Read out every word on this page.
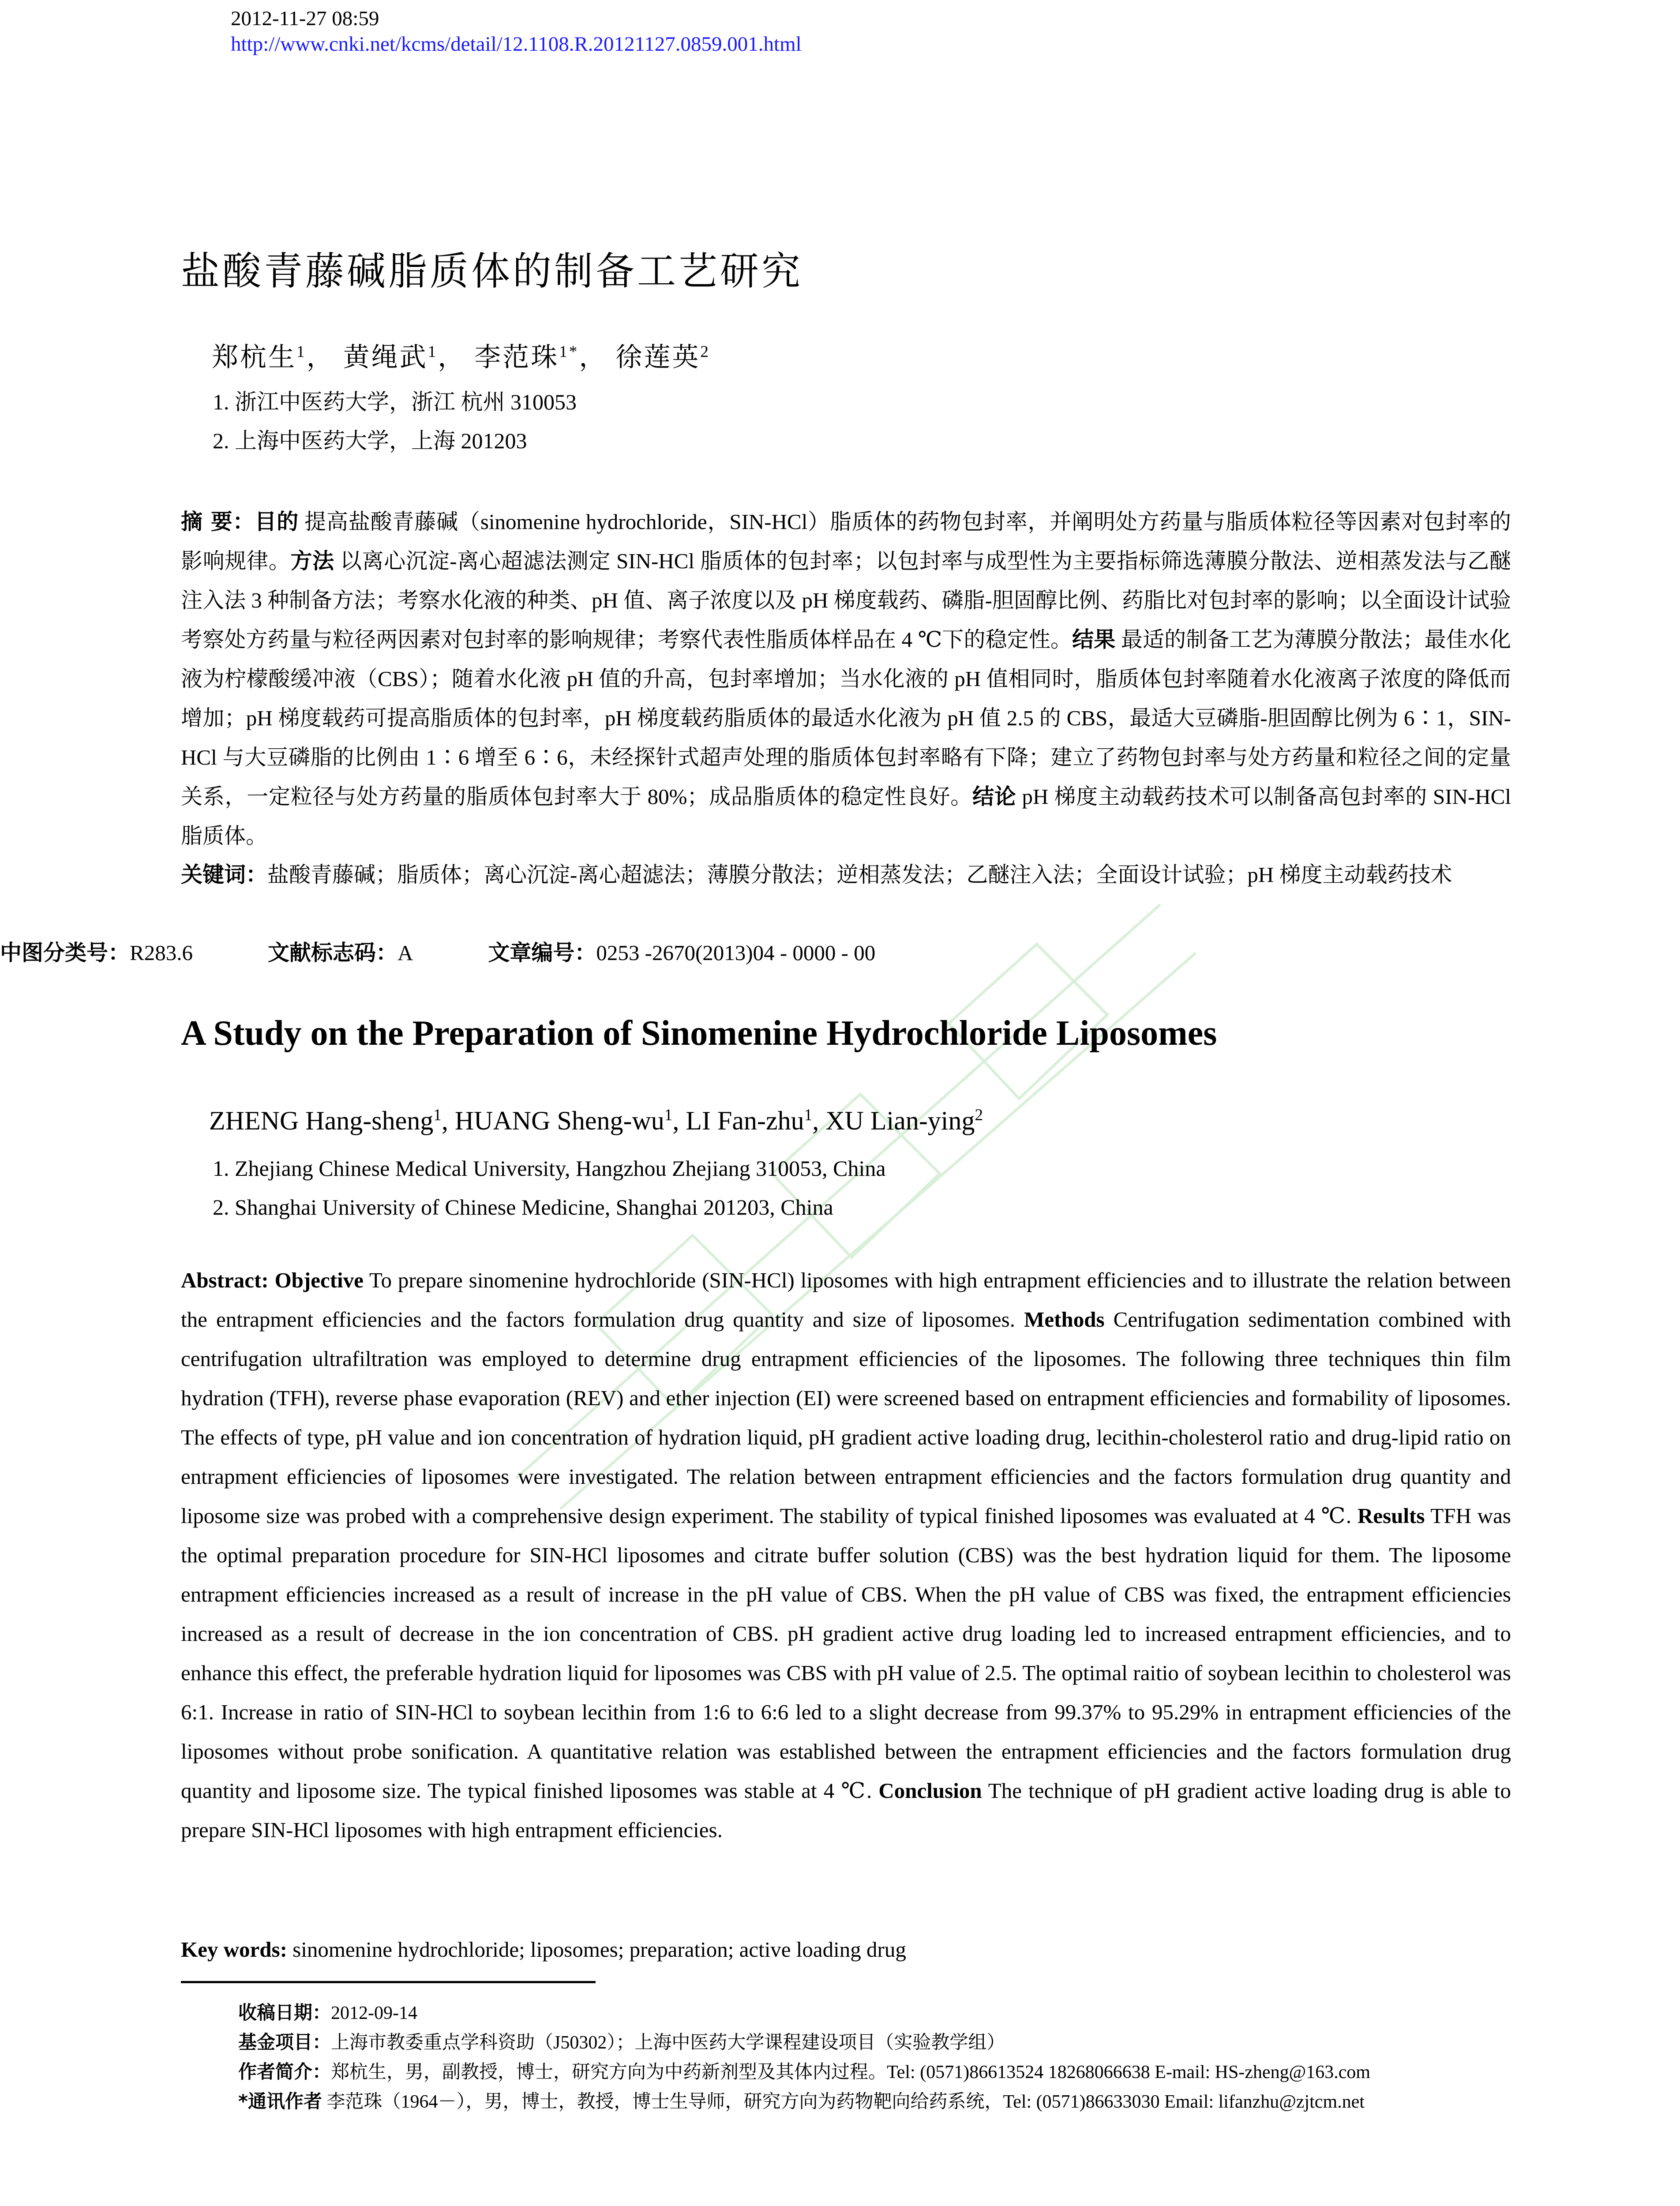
2012-11-27 08:59
http://www.cnki.net/kcms/detail/12.1108.R.20121127.0859.001.html
盐酸青藤碱脂质体的制备工艺研究
郑杭生$^1$， 黄绳武$^1$， 李范珠$^{1*}$， 徐莲英$^2$
1. 浙江中医药大学，浙江 杭州 310053
2. 上海中医药大学，上海 201203
摘 要：目的 提高盐酸青藤碱（sinomenine hydrochloride，SIN-HCl）脂质体的药物包封率，并阐明处方药量与脂质体粒径等因素对包封率的影响规律。方法 以离心沉淀-离心超滤法测定 SIN-HCl 脂质体的包封率；以包封率与成型性为主要指标筛选薄膜分散法、逆相蒸发法与乙醚注入法 3 种制备方法；考察水化液的种类、pH 值、离子浓度以及 pH 梯度载药、磷脂-胆固醇比例、药脂比对包封率的影响；以全面设计试验考察处方药量与粒径两因素对包封率的影响规律；考察代表性脂质体样品在 4 ℃下的稳定性。结果 最适的制备工艺为薄膜分散法；最佳水化液为柠檬酸缓冲液（CBS）；随着水化液 pH 值的升高，包封率增加；当水化液的 pH 值相同时，脂质体包封率随着水化液离子浓度的降低而增加；pH 梯度载药可提高脂质体的包封率，pH 梯度载药脂质体的最适水化液为 pH 值 2.5 的 CBS，最适大豆磷脂-胆固醇比例为 6∶1，SIN-HCl 与大豆磷脂的比例由 1∶6 增至 6∶6，未经探针式超声处理的脂质体包封率略有下降；建立了药物包封率与处方药量和粒径之间的定量关系，一定粒径与处方药量的脂质体包封率大于 80%；成品脂质体的稳定性良好。结论 pH 梯度主动载药技术可以制备高包封率的 SIN-HCl 脂质体。
关键词：盐酸青藤碱；脂质体；离心沉淀-离心超滤法；薄膜分散法；逆相蒸发法；乙醚注入法；全面设计试验；pH 梯度主动载药技术
中图分类号：R283.6	文献标志码：A	文章编号：0253 -2670(2013)04 - 0000 - 00
A Study on the Preparation of Sinomenine Hydrochloride Liposomes
ZHENG Hang-sheng$^1$, HUANG Sheng-$wu^1$, LI Fan-zhu$^1$, XU Lian-ying$^2$
1. Zhejiang Chinese Medical University, Hangzhou Zhejiang 310053, China
2. Shanghai University of Chinese Medicine, Shanghai 201203, China
Abstract: Objective To prepare sinomenine hydrochloride (SIN-HCl) liposomes with high entrapment efficiencies and to illustrate the relation between the entrapment efficiencies and the factors formulation drug quantity and size of liposomes. Methods Centrifugation sedimentation combined with centrifugation ultrafiltration was employed to determine drug entrapment efficiencies of the liposomes. The following three techniques thin film hydration (TFH), reverse phase evaporation (REV) and ether injection (EI) were screened based on entrapment efficiencies and formability of liposomes. The effects of type, pH value and ion concentration of hydration liquid, pH gradient active loading drug, lecithin-cholesterol ratio and drug-lipid ratio on entrapment efficiencies of liposomes were investigated. The relation between entrapment efficiencies and the factors formulation drug quantity and liposome size was probed with a comprehensive design experiment. The stability of typical finished liposomes was evaluated at 4 ℃. Results TFH was the optimal preparation procedure for SIN-HCl liposomes and citrate buffer solution (CBS) was the best hydration liquid for them. The liposome entrapment efficiencies increased as a result of increase in the pH value of CBS. When the pH value of CBS was fixed, the entrapment efficiencies increased as a result of decrease in the ion concentration of CBS. pH gradient active drug loading led to increased entrapment efficiencies, and to enhance this effect, the preferable hydration liquid for liposomes was CBS with pH value of 2.5. The optimal raitio of soybean lecithin to cholesterol was 6:1. Increase in ratio of SIN-HCl to soybean lecithin from 1:6 to 6:6 led to a slight decrease from 99.37% to 95.29% in entrapment efficiencies of the liposomes without probe sonification. A quantitative relation was established between the entrapment efficiencies and the factors formulation drug quantity and liposome size. The typical finished liposomes was stable at 4 ℃. Conclusion The technique of pH gradient active loading drug is able to prepare SIN-HCl liposomes with high entrapment efficiencies.
Key words: sinomenine hydrochloride; liposomes; preparation; active loading drug
收稿日期：2012-09-14
基金项目：上海市教委重点学科资助（J50302）；上海中医药大学课程建设项目（实验教学组）
作者简介：郑杭生，男，副教授，博士，研究方向为中药新剂型及其体内过程。Tel: (0571)86613524 18268066638 E-mail: HS-zheng@163.com
*通讯作者 李范珠（1964－），男，博士，教授，博士生导师，研究方向为药物靶向给药系统，Tel: (0571)86633030 Email: lifanzhu@zjtcm.net
